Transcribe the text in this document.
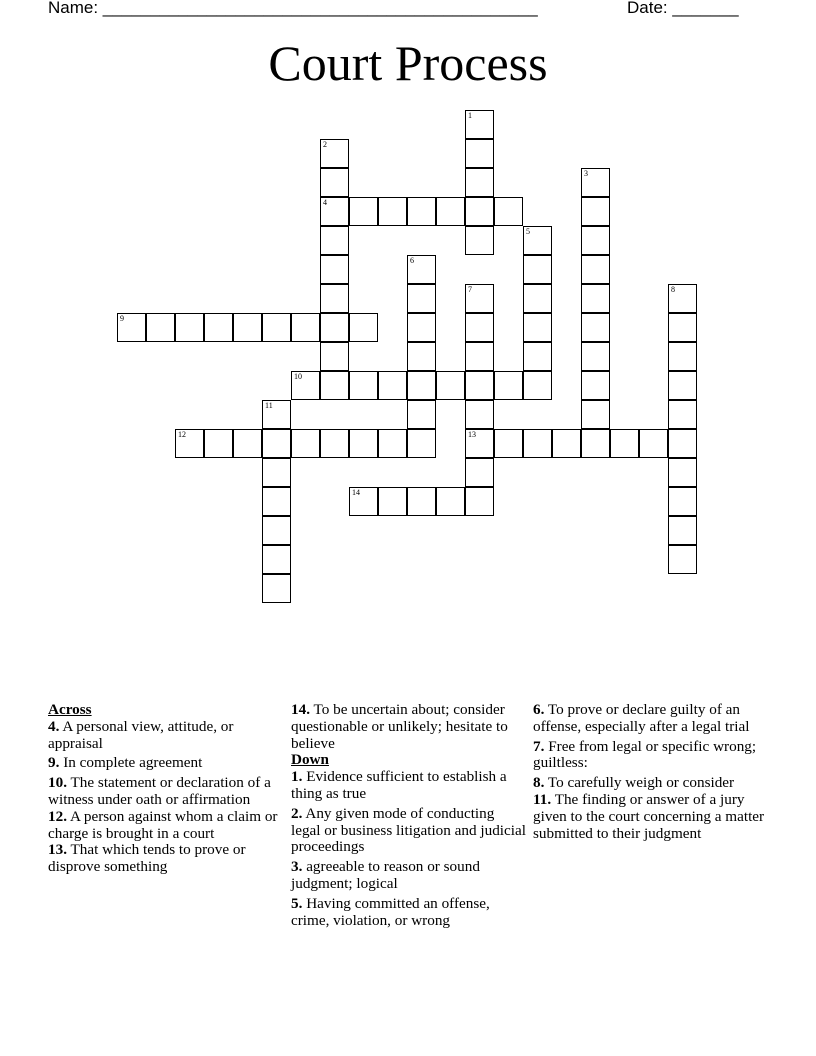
Name: ______________________________________________	Date: _______
Court Process
1
2
4
3
5
6
7
13
8
9
10
11
12
14

Across

4. A personal view, attitude, or appraisal

9. In complete agreement

10. The statement or declaration of a witness under oath or affirmation

12. A person against whom a claim or charge is brought in a court

13. That which tends to prove or disprove something

14. To be uncertain about; consider questionable or unlikely; hesitate to believe

Down

1. Evidence sufficient to establish a thing as true

2. Any given mode of conducting legal or business litigation and judicial proceedings

3. agreeable to reason or sound judgment; logical

5. Having committed an offense, crime, violation, or wrong

6. To prove or declare guilty of an offense, especially after a legal trial

7. Free from legal or specific wrong; guiltless:

8. To carefully weigh or consider

11. The finding or answer of a jury given to the court concerning a matter submitted to their judgment
